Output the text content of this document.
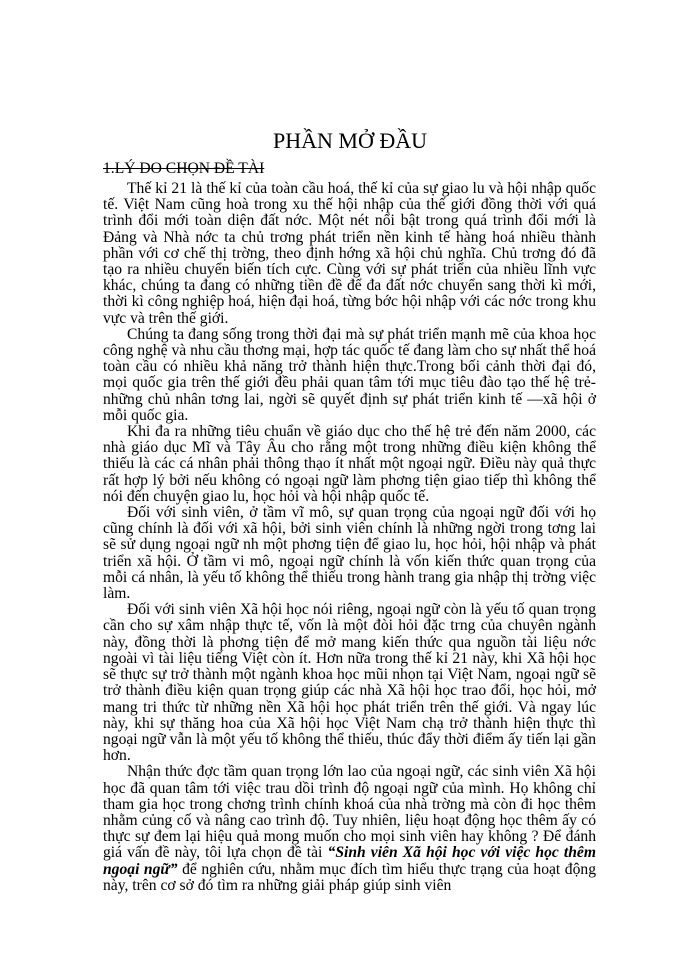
PHẦN MỞ ĐẦU
1.LÝ DO CHỌN ĐỀ TÀI

Thế kỉ 21 là thế kỉ của toàn cầu hoá, thế kỉ của sự giao lu và hội nhập quốc tế. Việt Nam cũng hoà trong xu thế hội nhập của thế giới đồng thời với quá trình đổi mới toàn diện đất nớc. Một nét nổi bật trong quá trình đổi mới là Đảng và Nhà nớc ta chủ trơng phát triển nền kinh tế hàng hoá nhiều thành phần với cơ chế thị trờng, theo định hớng xã hội chủ nghĩa. Chủ trơng đó đã tạo ra nhiều chuyển biến tích cực. Cùng với sự phát triển của nhiều lĩnh vực khác, chúng ta đang có những tiền đề để đa đất nớc chuyển sang thời kì mới, thời kì công nghiệp hoá, hiện đại hoá, từng bớc hội nhập với các nớc trong khu vực và trên thế giới.

Chúng ta đang sống trong thời đại mà sự phát triển mạnh mẽ của khoa học công nghệ và nhu cầu thơng mại, hợp tác quốc tế đang làm cho sự nhất thể hoá toàn cầu có nhiều khả năng trở thành hiện thực.Trong bối cảnh thời đại đó, mọi quốc gia trên thế giới đều phải quan tâm tới mục tiêu đào tạo thế hệ trẻ-những chủ nhân tơng lai, ngời sẽ quyết định sự phát triển kinh tế —xã hội ở mỗi quốc gia.

Khi đa ra những tiêu chuẩn về giáo dục cho thế hệ trẻ đến năm 2000, các nhà giáo dục Mĩ và Tây Âu cho rằng một trong những điều kiện không thể thiếu là các cá nhân phải thông thạo ít nhất một ngoại ngữ. Điều này quả thực rất hợp lý bởi nếu không có ngoại ngữ làm phơng tiện giao tiếp thì không thể nói đến chuyện giao lu, học hỏi và hội nhập quốc tế.

Đối với sinh viên, ở tầm vĩ mô, sự quan trọng của ngoại ngữ đối với họ cũng chính là đối với xã hội, bởi sinh viên chính là những ngời trong tơng lai sẽ sử dụng ngoại ngữ nh một phơng tiện để giao lu, học hỏi, hội nhập và phát triển xã hội. Ở tầm vi mô, ngoại ngữ chính là vốn kiến thức quan trọng của mỗi cá nhân, là yếu tố không thể thiếu trong hành trang gia nhập thị trờng việc làm.

Đối với sinh viên Xã hội học nói riêng, ngoại ngữ còn là yếu tố quan trọng cần cho sự xâm nhập thực tế, vốn là một đòi hỏi đặc trng của chuyên ngành này, đồng thời là phơng tiện để mở mang kiến thức qua nguồn tài liệu nớc ngoài vì tài liệu tiếng Việt còn ít. Hơn nữa trong thế kỉ 21 này, khi Xã hội học sẽ thực sự trở thành một ngành khoa học mũi nhọn tại Việt Nam, ngoại ngữ sẽ trở thành điều kiện quan trọng giúp các nhà Xã hội học trao đổi, học hỏi, mở mang tri thức từ những nền Xã hội học phát triển trên thế giới. Và ngay lúc này, khi sự thăng hoa của Xã hội học Việt Nam chạ trở thành hiện thực thì ngoại ngữ vẫn là một yếu tố không thể thiếu, thúc đẩy thời điểm ấy tiến lại gần hơn.

Nhận thức đợc tầm quan trọng lớn lao của ngoại ngữ, các sinh viên Xã hội học đã quan tâm tới việc trau dồi trình độ ngoại ngữ của mình. Họ không chỉ tham gia học trong chơng trình chính khoá của nhà trờng mà còn đi học thêm nhằm củng cố và nâng cao trình độ. Tuy nhiên, liệu hoạt động học thêm ấy có thực sự đem lại hiệu quả mong muốn cho mọi sinh viên hay không ? Để đánh giá vấn đề này, tôi lựa chọn đề tài “Sinh viên Xã hội học với việc học thêm ngoại ngữ” để nghiên cứu, nhằm mục đích tìm hiểu thực trạng của hoạt động này, trên cơ sở đó tìm ra những giải pháp giúp sinh viên
